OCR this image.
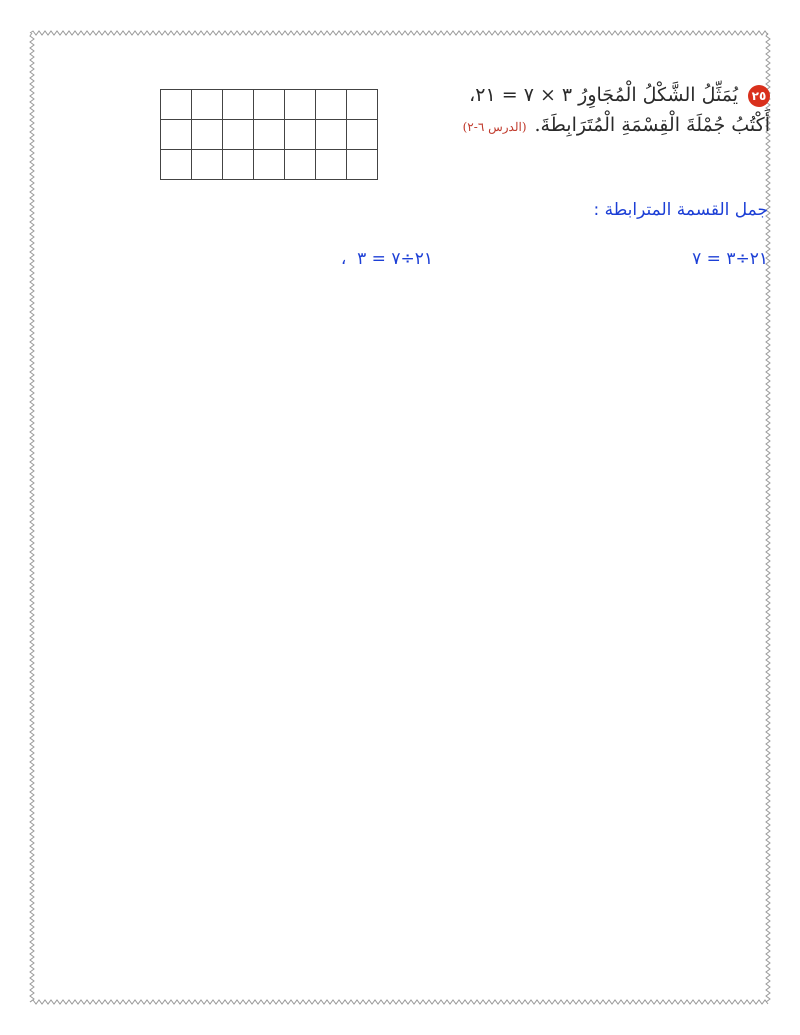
٢٥يُمَثِّلُ الشَّكْلُ الْمُجَاوِرُ ٣ × ٧ = ٢١،
أَكْتُبُ جُمْلَةَ الْقِسْمَةِ الْمُتَرَابِطَةَ.(الدرس ٦-٢)

جمل القسمة المترابطة :
٢١÷٣ = ٧
٢١÷٧ = ٣  ،
